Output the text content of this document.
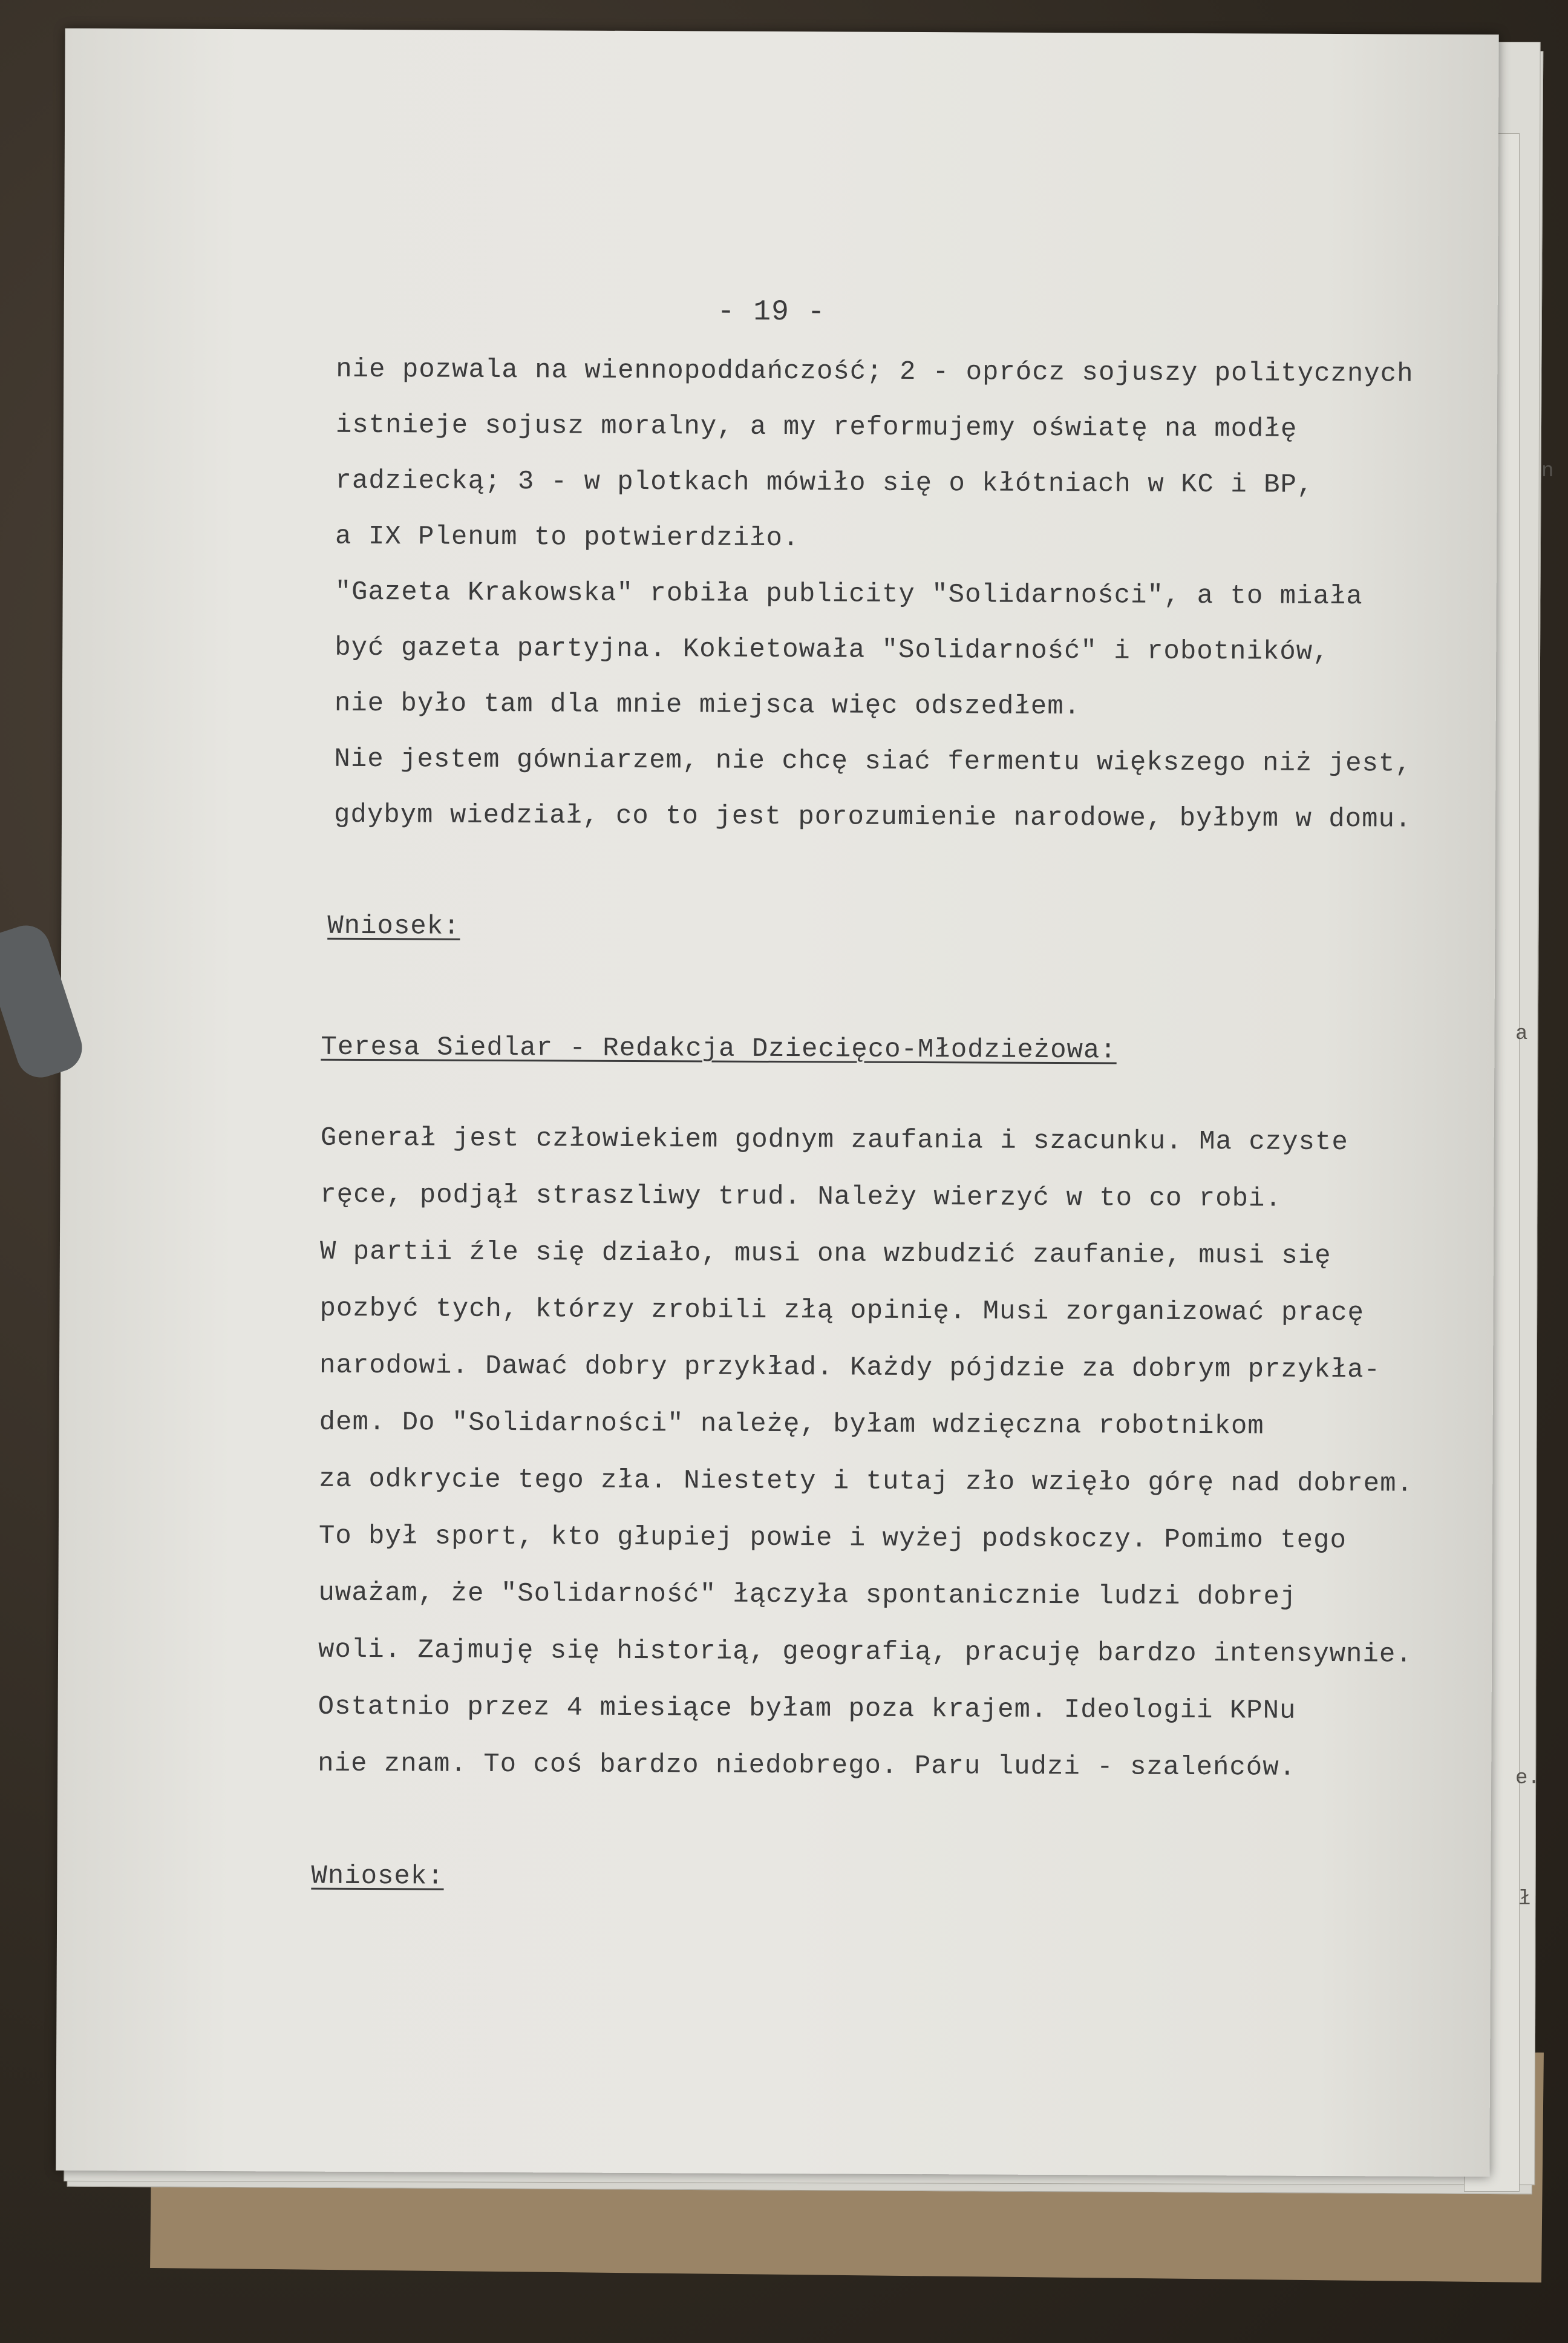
n
a
e.
ł
- 19 -
nie pozwala na wiennopoddańczość; 2 - oprócz sojuszy politycznych
istnieje sojusz moralny, a my reformujemy oświatę na modłę
radziecką; 3 - w plotkach mówiło się o kłótniach w KC i BP,
a IX Plenum to potwierdziło.
"Gazeta Krakowska" robiła publicity "Solidarności", a to miała
być gazeta partyjna. Kokietowała "Solidarność" i robotników,
nie było tam dla mnie miejsca więc odszedłem.
Nie jestem gówniarzem, nie chcę siać fermentu większego niż jest,
gdybym wiedział, co to jest porozumienie narodowe, byłbym w domu.
Wniosek:
Teresa Siedlar - Redakcja Dziecięco-Młodzieżowa:
Generał jest człowiekiem godnym zaufania i szacunku. Ma czyste
ręce, podjął straszliwy trud. Należy wierzyć w to co robi.
W partii źle się działo, musi ona wzbudzić zaufanie, musi się
pozbyć tych, którzy zrobili złą opinię. Musi zorganizować pracę
narodowi. Dawać dobry przykład. Każdy pójdzie za dobrym przykła-
dem. Do "Solidarności" należę, byłam wdzięczna robotnikom
za odkrycie tego zła. Niestety i tutaj zło wzięło górę nad dobrem.
To był sport, kto głupiej powie i wyżej podskoczy. Pomimo tego
uważam, że "Solidarność" łączyła spontanicznie ludzi dobrej
woli. Zajmuję się historią, geografią, pracuję bardzo intensywnie.
Ostatnio przez 4 miesiące byłam poza krajem. Ideologii KPNu
nie znam. To coś bardzo niedobrego. Paru ludzi - szaleńców.
Wniosek:
